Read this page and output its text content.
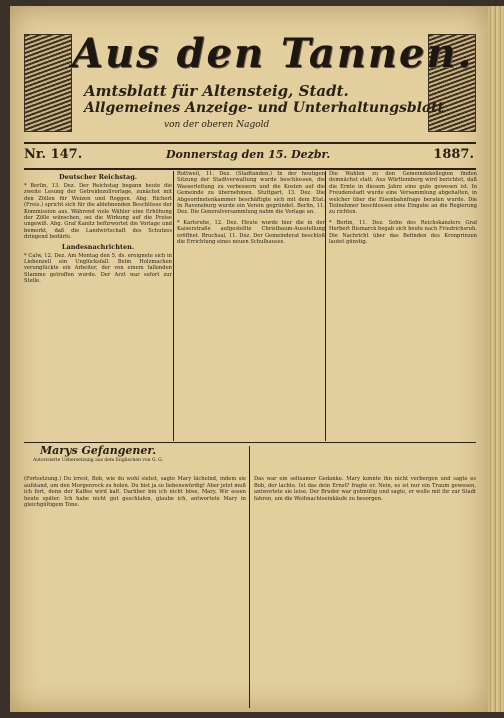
Aus den Tannen.
Amtsblatt für Altensteig, Stadt.
Allgemeines Anzeige- und Unterhaltungsblatt
von der oberen Nagold
Nr. 147.	Donnerstag den 15. Dezbr.	1887.
Deutscher Reichstag.
* Berlin, 13. Dez. Der Reichstag begann heute die zweite Lesung der Getreidezollvorlage, zunächst mit den Zöllen für Weizen und Roggen. Abg. Richert (Freis.) spricht sich für die ablehnenden Beschlüsse der Kommission aus. Während viele Wähler eine Erhöhung der Zölle wünschen, sei die Wirkung auf die Preise ungewiß. Abg. Graf Kanitz befürwortet die Vorlage und bemerkt, daß die Landwirtschaft des Schutzes dringend bedürfe.
Landesnachrichten.
* Calw, 12. Dez. Am Montag den 5. ds. ereignete sich in Liebenzell ein Unglücksfall. Beim Holzmachen verunglückte ein Arbeiter, der von einem fallenden Stamme getroffen wurde. Der Arzt war sofort zur Stelle.
Rottweil, 11. Dez. (Stadtanden.) In der heutigen Sitzung der Stadtverwaltung wurde beschlossen, die Wasserleitung zu verbessern und die Kosten auf die Gemeinde zu übernehmen. Stuttgart, 13. Dez. Die Abgeordnetenkammer beschäftigte sich mit dem Etat. In Ravensburg wurde ein Verein gegründet. Berlin, 11. Dez. Die Generalversammlung nahm die Vorlage an.
* Karlsruhe, 12. Dez. Heute wurde hier die in der Kaiserstraße aufgestellte Christbaum-Ausstellung eröffnet. Bruchsal, 11. Dez. Der Gemeinderat beschloß die Errichtung eines neuen Schulhauses.
Die Wahlen zu den Gemeindekollegien finden demnächst statt. Aus Württemberg wird berichtet, daß die Ernte in diesem Jahre eine gute gewesen ist. In Freudenstadt wurde eine Versammlung abgehalten, in welcher über die Eisenbahnfrage beraten wurde. Die Teilnehmer beschlossen eine Eingabe an die Regierung zu richten.
* Berlin, 11. Dez. Sohn des Reichskanzlers Graf Herbert Bismarck begab sich heute nach Friedrichsruh. Die Nachricht über das Befinden des Kronprinzen lautet günstig.
Marys Gefangener.
Autorisierte Uebersetzung aus dem Englischen von G. G.
(Fortsetzung.) Du irrest, Bob, wie du wohl siehst, sagte Mary lächelnd, indem sie aufstand, um den Morgenrock zu holen. Du bist ja so liebenswürdig! Aber jetzt muß ich fort, denn der Kaffee wird kalt. Darüber bin ich nicht böse, Mary. Wir essen heute später. Ich habe nicht gut geschlafen, glaube ich, antwortete Mary in gleichgültigem Tone.
Das war ein seltsamer Gedanke. Mary konnte ihn nicht verbergen und sagte es Bob, der lachte. Ist das dein Ernst? fragte er. Nein, es ist nur ein Traum gewesen, antwortete sie leise. Der Bruder war gutmütig und sagte, er wolle mit ihr zur Stadt fahren, um die Weihnachtseinkäufe zu besorgen.
